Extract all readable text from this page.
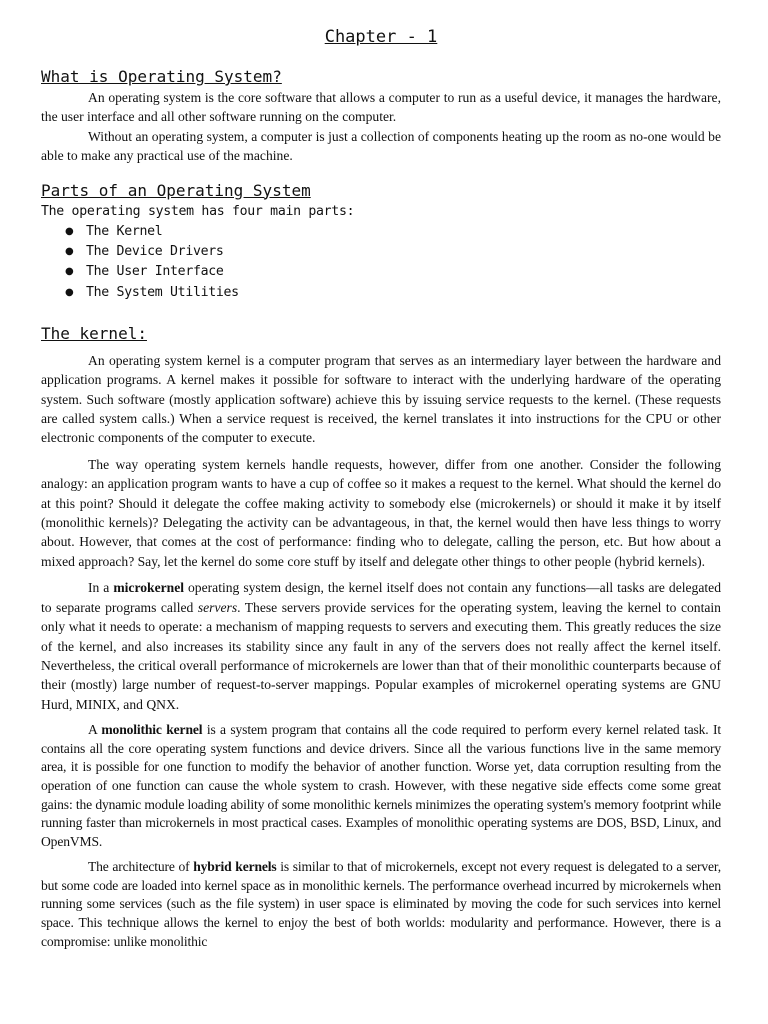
Chapter - 1
What is Operating System?

An operating system is the core software that allows a computer to run as a useful device, it manages the hardware, the user interface and all other software running on the computer.

Without an operating system, a computer is just a collection of components heating up the room as no-one would be able to make any practical use of the machine.

Parts of an Operating System
The operating system has four main parts:
● The Kernel
● The Device Drivers
● The User Interface
● The System Utilities
The kernel:

An operating system kernel is a computer program that serves as an intermediary layer between the hardware and application programs. A kernel makes it possible for software to interact with the underlying hardware of the operating system. Such software (mostly application software) achieve this by issuing service requests to the kernel. (These requests are called system calls.) When a service request is received, the kernel translates it into instructions for the CPU or other electronic components of the computer to execute.

The way operating system kernels handle requests, however, differ from one another. Consider the following analogy: an application program wants to have a cup of coffee so it makes a request to the kernel. What should the kernel do at this point? Should it delegate the coffee making activity to somebody else (microkernels) or should it make it by itself (monolithic kernels)? Delegating the activity can be advantageous, in that, the kernel would then have less things to worry about. However, that comes at the cost of performance: finding who to delegate, calling the person, etc. But how about a mixed approach? Say, let the kernel do some core stuff by itself and delegate other things to other people (hybrid kernels).

In a microkernel operating system design, the kernel itself does not contain any functions—all tasks are delegated to separate programs called servers. These servers provide services for the operating system, leaving the kernel to contain only what it needs to operate: a mechanism of mapping requests to servers and executing them. This greatly reduces the size of the kernel, and also increases its stability since any fault in any of the servers does not really affect the kernel itself. Nevertheless, the critical overall performance of microkernels are lower than that of their monolithic counterparts because of their (mostly) large number of request-to-server mappings. Popular examples of microkernel operating systems are GNU Hurd, MINIX, and QNX.

A monolithic kernel is a system program that contains all the code required to perform every kernel related task. It contains all the core operating system functions and device drivers. Since all the various functions live in the same memory area, it is possible for one function to modify the behavior of another function. Worse yet, data corruption resulting from the operation of one function can cause the whole system to crash. However, with these negative side effects come some great gains: the dynamic module loading ability of some monolithic kernels minimizes the operating system's memory footprint while running faster than microkernels in most practical cases. Examples of monolithic operating systems are DOS, BSD, Linux, and OpenVMS.

The architecture of hybrid kernels is similar to that of microkernels, except not every request is delegated to a server, but some code are loaded into kernel space as in monolithic kernels. The performance overhead incurred by microkernels when running some services (such as the file system) in user space is eliminated by moving the code for such services into kernel space. This technique allows the kernel to enjoy the best of both worlds: modularity and performance. However, there is a compromise: unlike monolithic
